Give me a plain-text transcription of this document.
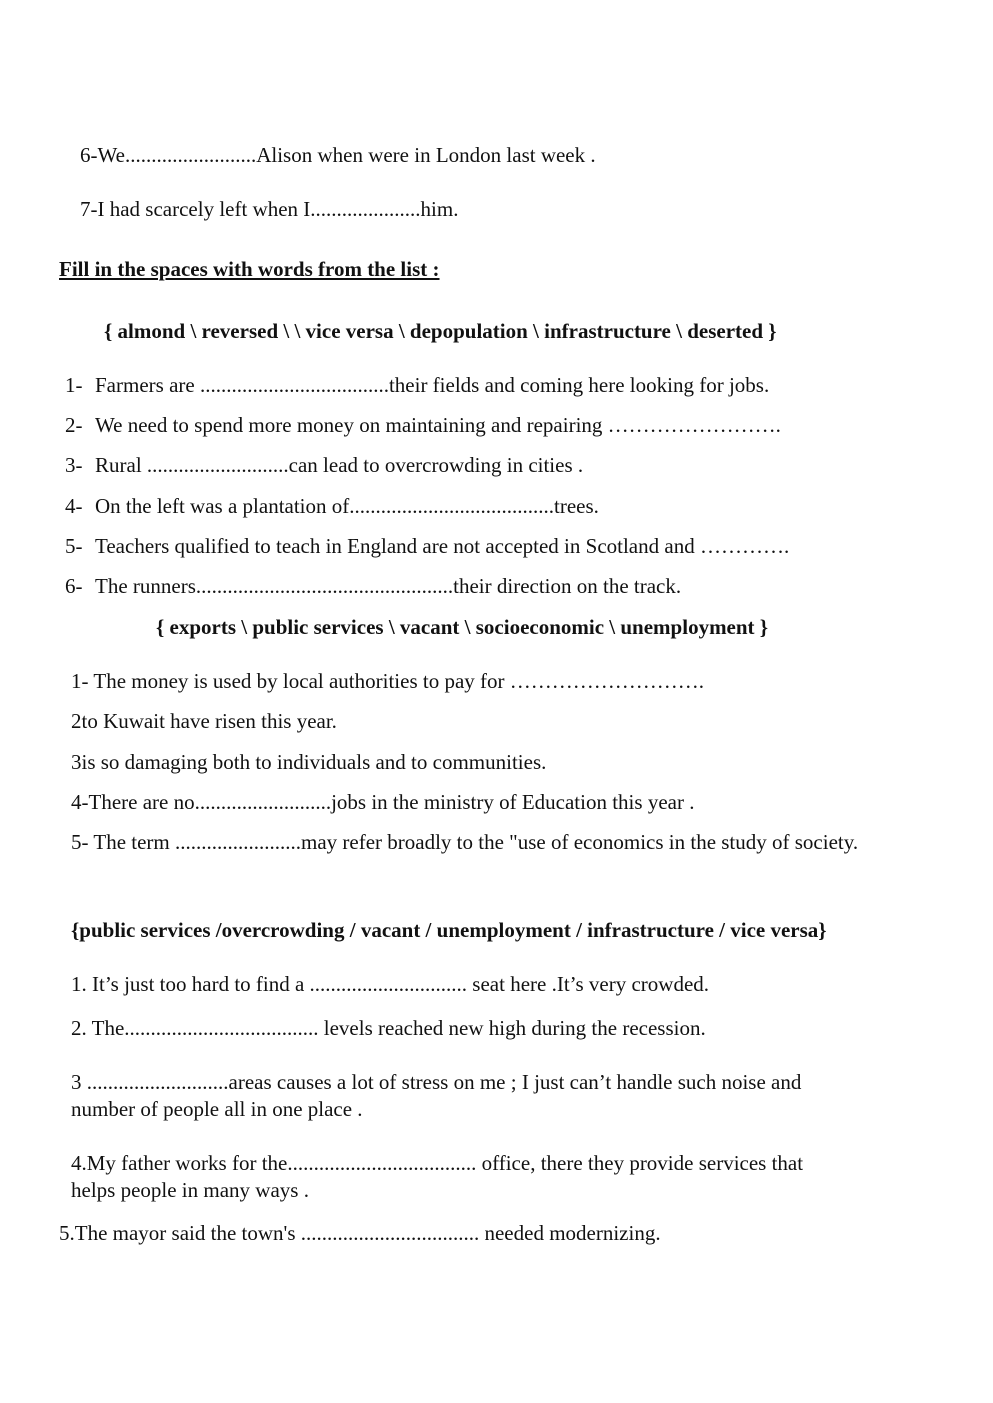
6-We.........................Alison when were in London last week .
7-I had scarcely left when I.....................him.
Fill in the spaces with words from the list :
{ almond \ reversed \ \ vice versa \ depopulation \ infrastructure \ deserted }
1- Farmers are ....................................their fields and coming here looking for jobs.
2- We need to spend more money on maintaining and repairing …………………….
3- Rural ...........................can lead to overcrowding in cities .
4- On the left was a plantation of.......................................trees.
5- Teachers qualified to teach in England are not accepted in Scotland and ………….
6- The runners.................................................their direction on the track.
{ exports \ public services \ vacant \ socioeconomic \ unemployment }
1- The money is used by local authorities to pay for ……………………….
2to Kuwait have risen this year.
3is so damaging both to individuals and to communities.
4-There are no..........................jobs in the ministry of Education this year .
5- The term ........................may refer broadly to the "use of economics in the study of society.
{public services /overcrowding / vacant / unemployment / infrastructure / vice versa}
1. It’s just too hard to find a .............................. seat here .It’s very crowded.
2. The..................................... levels reached new high during the recession.
3 ...........................areas causes a lot of stress on me ; I just can’t handle such noise and
number of people all in one place .
4.My father works for the.................................... office, there they provide services that
helps people in many ways .
5.The mayor said the town's .................................. needed modernizing.
